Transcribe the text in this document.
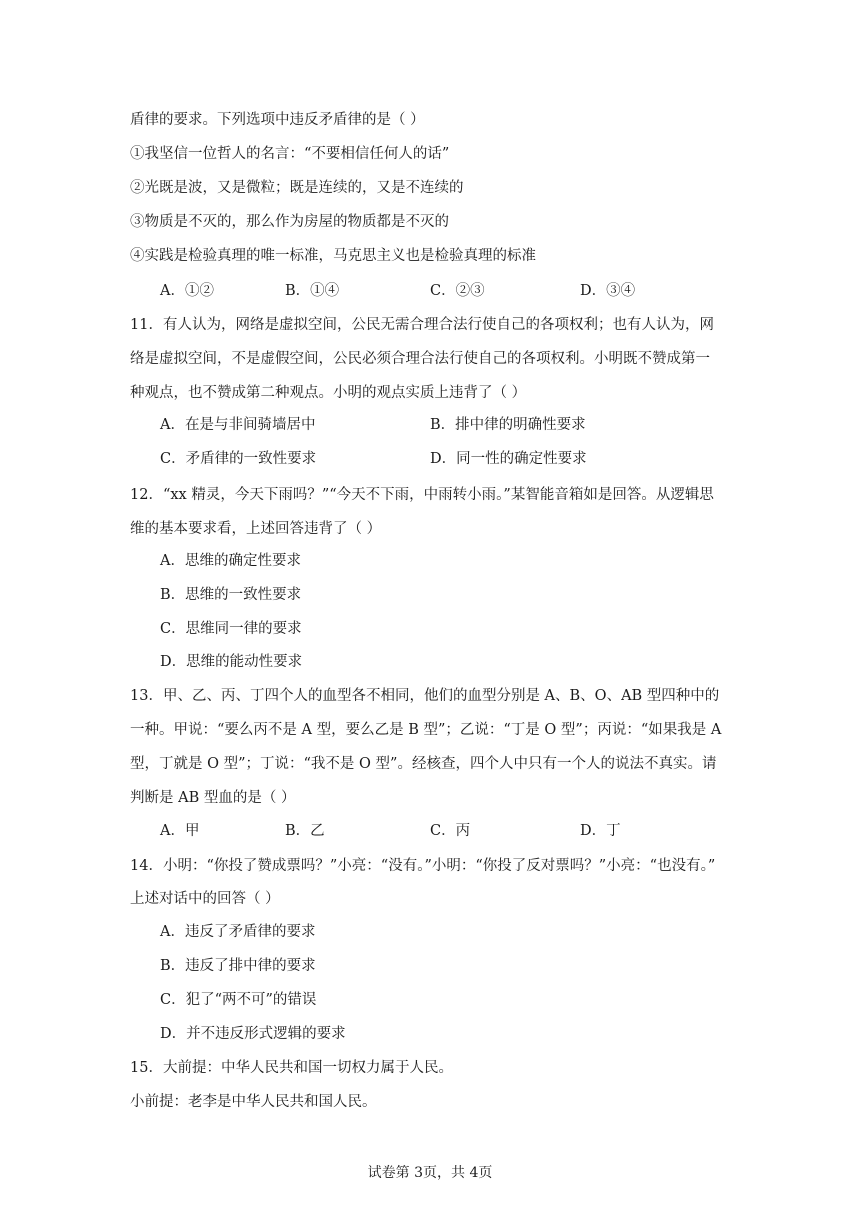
盾律的要求。下列选项中违反矛盾律的是（ ）
①我坚信一位哲人的名言：“不要相信任何人的话”
②光既是波，又是微粒；既是连续的，又是不连续的
③物质是不灭的，那么作为房屋的物质都是不灭的
④实践是检验真理的唯一标准，马克思主义也是检验真理的标准
A．①②	B．①④	C．②③	D．③④
11．有人认为，网络是虚拟空间，公民无需合理合法行使自己的各项权利；也有人认为，网
络是虚拟空间，不是虚假空间，公民必须合理合法行使自己的各项权利。小明既不赞成第一
种观点，也不赞成第二种观点。小明的观点实质上违背了（ ）
A．在是与非间骑墙居中	B．排中律的明确性要求
C．矛盾律的一致性要求	D．同一性的确定性要求
12．“xx 精灵，今天下雨吗？”“今天不下雨，中雨转小雨。”某智能音箱如是回答。从逻辑思
维的基本要求看，上述回答违背了（ ）
A．思维的确定性要求
B．思维的一致性要求
C．思维同一律的要求
D．思维的能动性要求
13．甲、乙、丙、丁四个人的血型各不相同，他们的血型分别是 A、B、O、AB 型四种中的
一种。甲说：“要么丙不是 A 型，要么乙是 B 型”；乙说：“丁是 O 型”；丙说：“如果我是 A
型，丁就是 O 型”；丁说：“我不是 O 型”。经核查，四个人中只有一个人的说法不真实。请
判断是 AB 型血的是（ ）
A．甲	B．乙	C．丙	D．丁
14．小明：“你投了赞成票吗？”小亮：“没有。”小明：“你投了反对票吗？”小亮：“也没有。”
上述对话中的回答（ ）
A．违反了矛盾律的要求
B．违反了排中律的要求
C．犯了“两不可”的错误
D．并不违反形式逻辑的要求
15．大前提：中华人民共和国一切权力属于人民。
小前提：老李是中华人民共和国人民。
试卷第 3页，共 4页
